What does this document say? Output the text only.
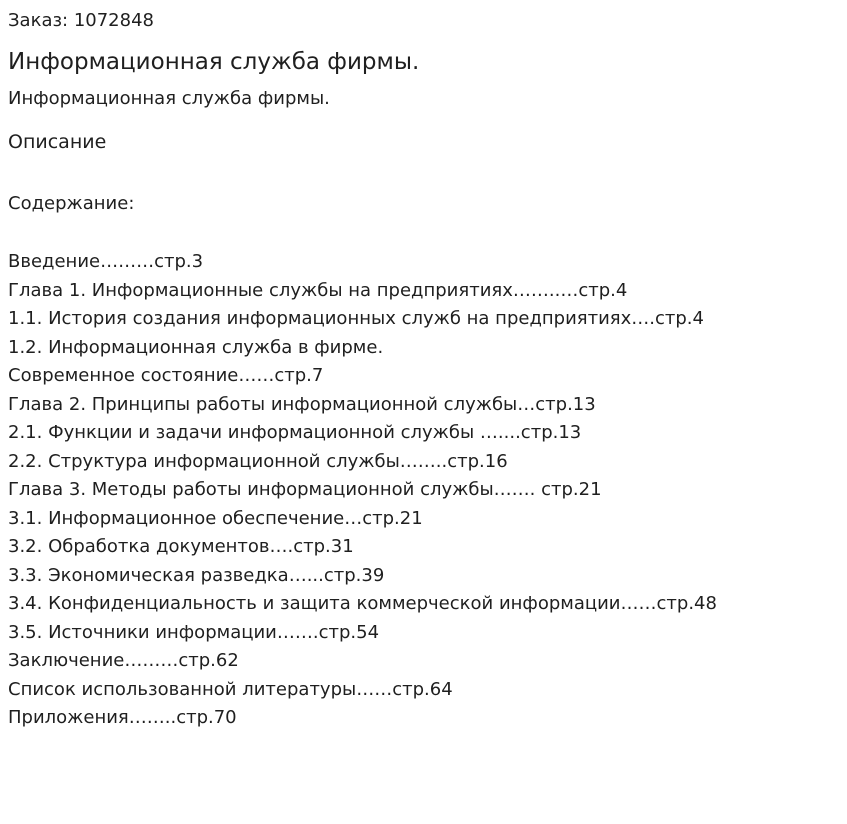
Заказ: 1072848

Информационная служба фирмы.

Информационная служба фирмы.

Описание

Содержание:

Введение………стр.3
Глава 1. Информационные службы на предприятиях……..…стр.4
1.1. История создания информационных служб на предприятиях….стр.4
1.2. Информационная служба в фирме.
Современное состояние……стр.7
Глава 2. Принципы работы информационной службы…стр.13
2.1. Функции и задачи информационной службы …....стр.13
2.2. Структура информационной службы……..стр.16
Глава 3. Методы работы информационной службы……. стр.21
3.1. Информационное обеспечение…стр.21
3.2. Обработка документов….стр.31
3.3. Экономическая разведка…...стр.39
3.4. Конфиденциальность и защита коммерческой информации……стр.48
3.5. Источники информации…….стр.54
Заключение………стр.62
Список использованной литературы……стр.64
Приложения……..стр.70
